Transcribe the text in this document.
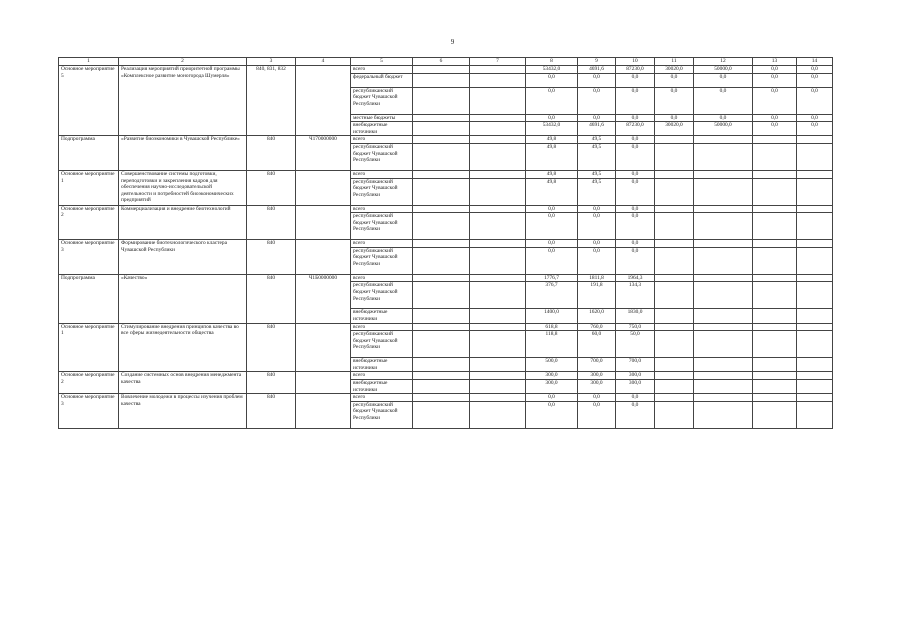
9
1	2	3	4	5	6	7	8	9	10	11	12	13	14
Основное мероприятие 5	Реализация мероприятий приоритетной программы «Комплексное развитие моногорода Шумерля»	840, 831, 832		всего			53432,0	4691,6	87230,0	30020,0	50000,0	0,0	0,0
				федеральный бюджет			0,0	0,0	0,0	0,0	0,0	0,0	0,0
				республиканский бюджет Чувашской Республики			0,0	0,0	0,0	0,0	0,0	0,0	0,0
				местные бюджеты			0,0	0,0	0,0	0,0	0,0	0,0	0,0
				внебюджетные источники			53432,0	4691,6	87230,0	30020,0	50000,0	0,0	0,0
Подпрограмма	«Развитие биоэкономики в Чувашской Республике»	840	Ч170000000	всего			49,8	49,5	0,0				
				республиканский бюджет Чувашской Республики			49,8	49,5	0,0				
Основное мероприятие 1	Совершенствование системы подготовки, переподготовки и закрепления кадров для обеспечения научно-исследовательской деятельности и потребностей биоэкономических предприятий	840		всего			49,8	49,5	0,0				
				республиканский бюджет Чувашской Республики			49,8	49,5	0,0				
Основное мероприятие 2	Коммерциализация и внедрение биотехнологий	840		всего			0,0	0,0	0,0				
				республиканский бюджет Чувашской Республики			0,0	0,0	0,0				
Основное мероприятие 3	Формирование биотехнологического кластера Чувашской Республики	840		всего			0,0	0,0	0,0				
				республиканский бюджет Чувашской Республики			0,0	0,0	0,0				
Подпрограмма	«Качество»	840	Ч1Б0000000	всего			1776,7	1811,8	1964,3				
				республиканский бюджет Чувашской Республики			376,7	191,8	134,3				
				внебюджетные источники			1400,0	1620,0	1830,0				
Основное мероприятие 1	Стимулирование внедрения принципов качества во все сферы жизнедеятельности общества	840		всего			618,8	760,0	750,0				
				республиканский бюджет Чувашской Республики			118,8	60,0	50,0				
				внебюджетные источники			500,0	700,0	700,0				
Основное мероприятие 2	Создание системных основ внедрения менеджмента качества	840		всего			300,0	300,0	300,0				
				внебюджетные источники			300,0	300,0	300,0				
Основное мероприятие 3	Вовлечение молодежи в процессы изучения проблем качества	840		всего			0,0	0,0	0,0				
				республиканский бюджет Чувашской Республики			0,0	0,0	0,0				
